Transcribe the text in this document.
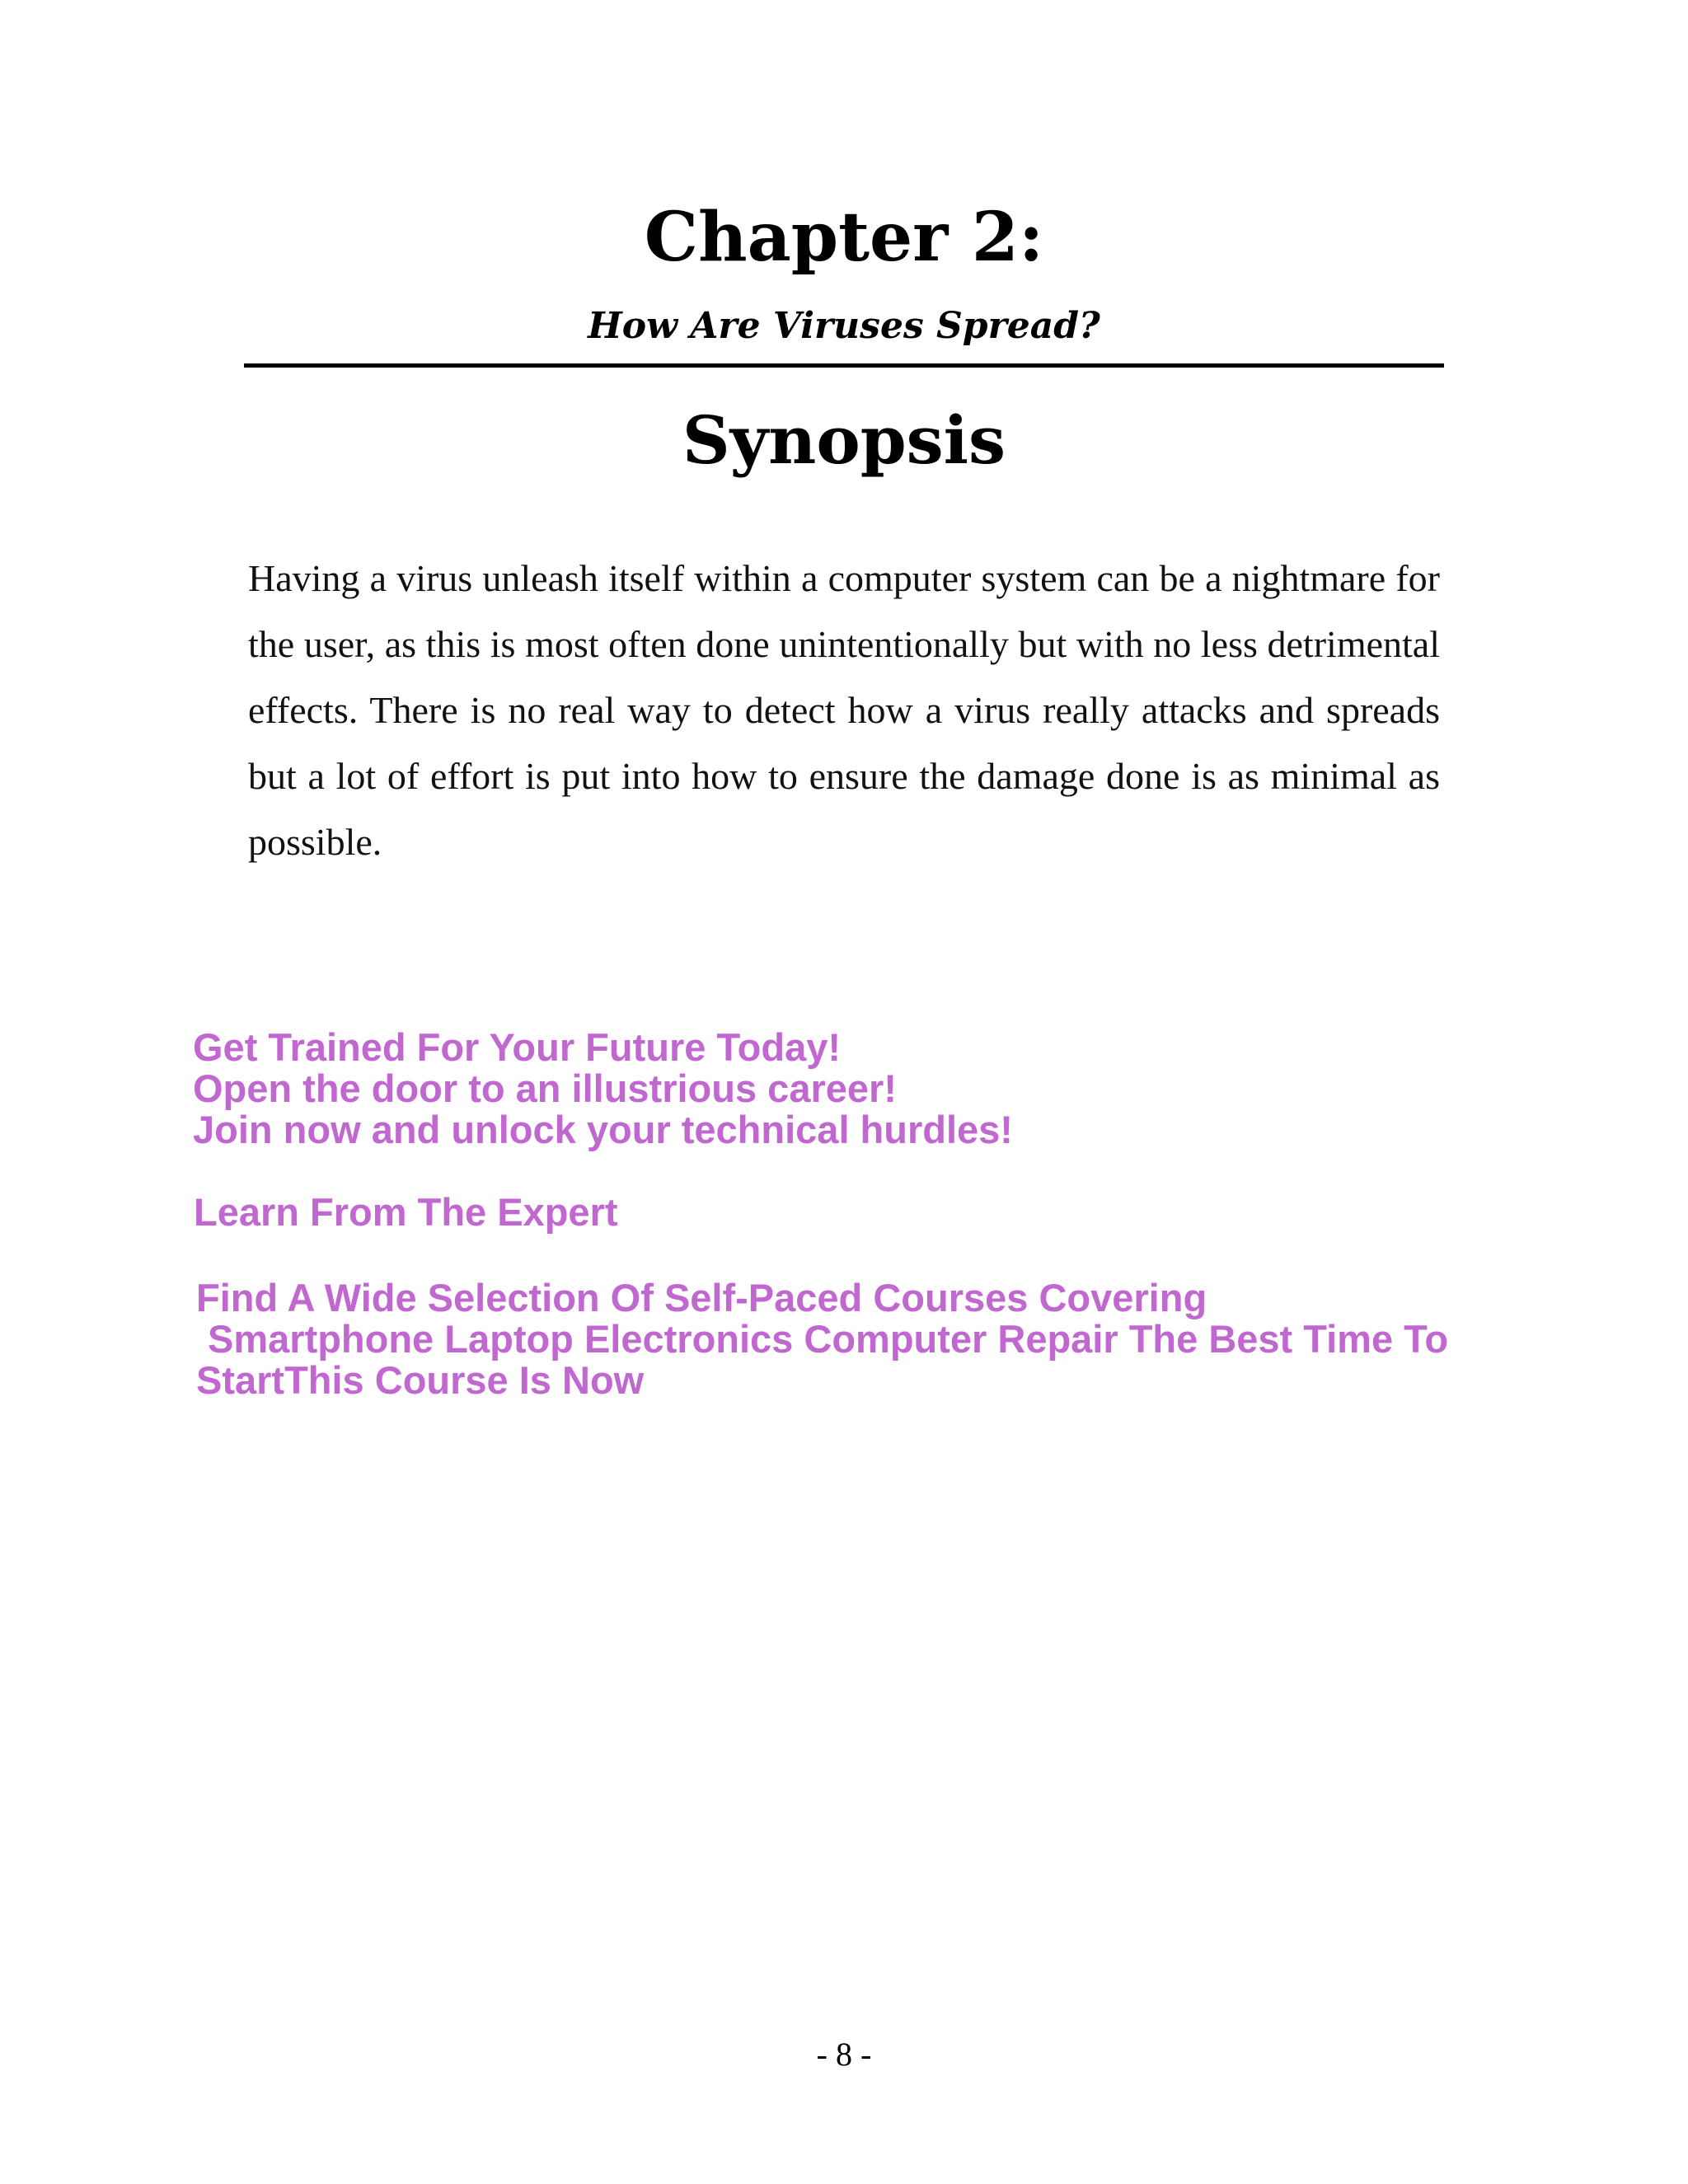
Chapter 2:
How Are Viruses Spread?
Synopsis

Having a virus unleash itself within a computer system can be a nightmare for the user, as this is most often done unintentionally but with no less detrimental effects. There is no real way to detect how a virus really attacks and spreads but a lot of effort is put into how to ensure the damage done is as minimal as possible.

Get Trained For Your Future Today!
Open the door to an illustrious career!
Join now and unlock your technical hurdles!
Learn From The Expert
Find A Wide Selection Of Self-Paced Courses Covering
Smartphone Laptop Electronics Computer Repair The Best Time To
StartThis Course Is Now
- 8 -
